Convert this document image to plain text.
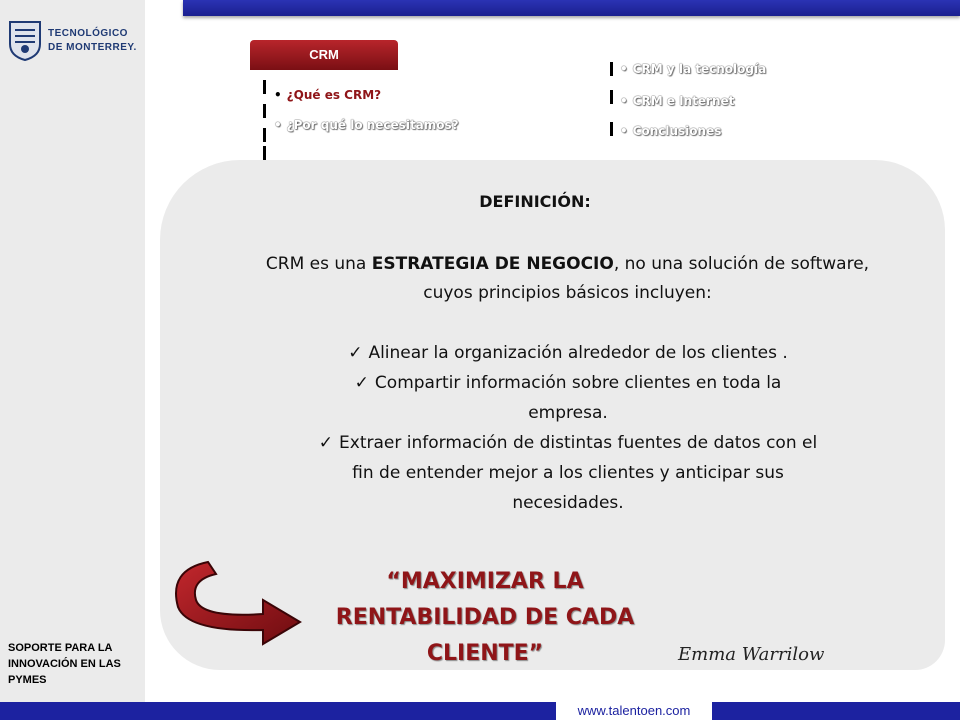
TECNOLÓGICO
DE MONTERREY.	CRM
• ¿Qué es CRM?
• ¿Por qué lo necesitamos?
• CRM y la tecnología
• CRM e Internet
• Conclusiones
DEFINICIÓN:
CRM es una ESTRATEGIA DE NEGOCIO, no una solución de software, cuyos principios básicos incluyen:
✓ Alinear la organización alrededor de los clientes .
✓ Compartir información sobre clientes en toda la empresa.
✓ Extraer información de distintas fuentes de datos con el fin de entender mejor a los clientes y anticipar sus necesidades.
“MAXIMIZAR LA RENTABILIDAD DE CADA CLIENTE”	Emma Warrilow
SOPORTE PARA LA INNOVACIÓN EN LAS PYMES
www.talentoen.com
